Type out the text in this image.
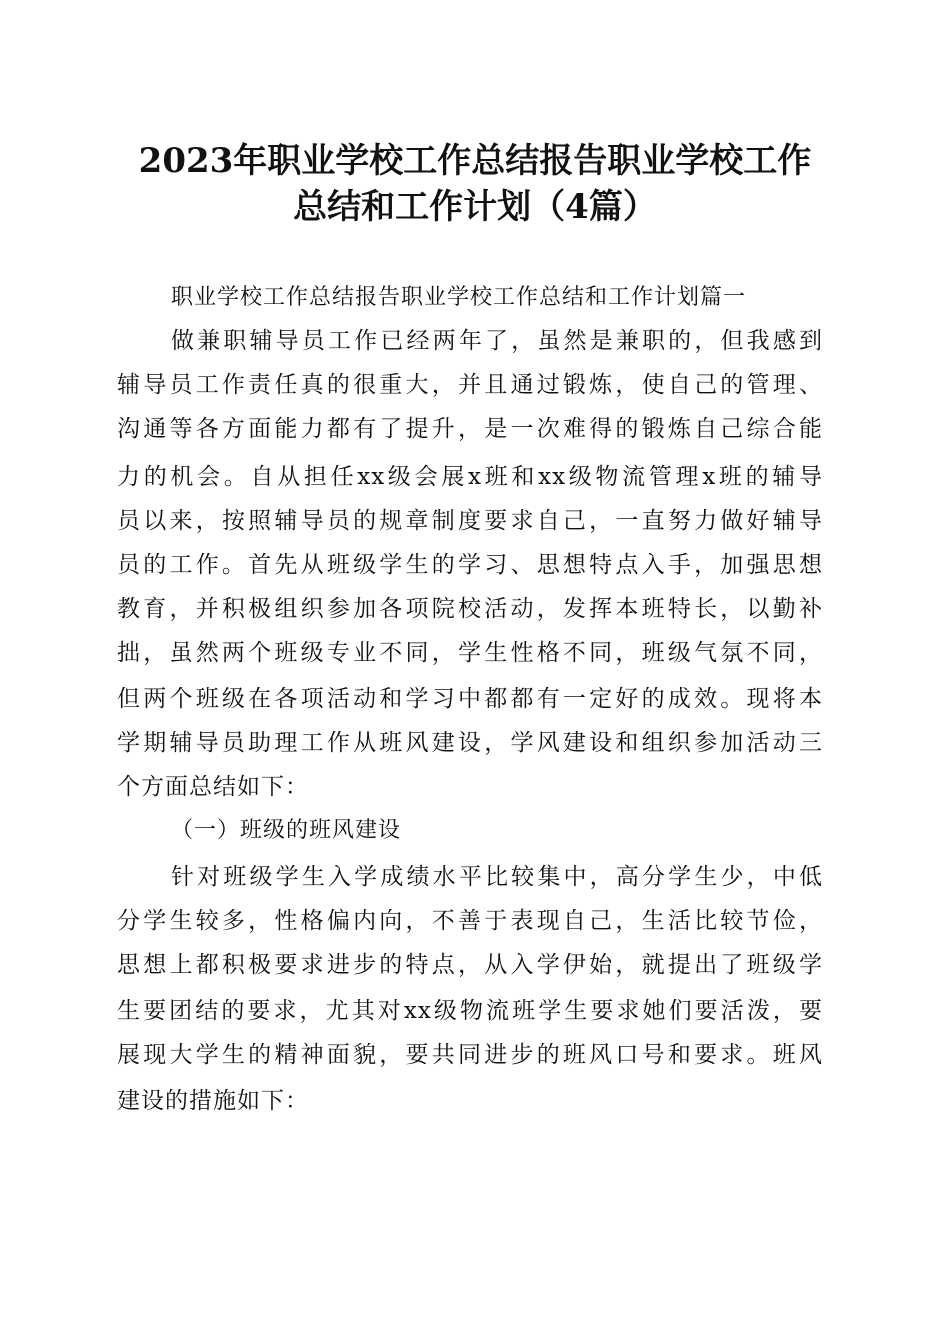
2023年职业学校工作总结报告职业学校工作
总结和工作计划（4篇）
职业学校工作总结报告职业学校工作总结和工作计划篇一
做兼职辅导员工作已经两年了，虽然是兼职的，但我感到
辅导员工作责任真的很重大，并且通过锻炼，使自己的管理、
沟通等各方面能力都有了提升，是一次难得的锻炼自己综合能
力的机会。自从担任xx级会展x班和xx级物流管理x班的辅导
员以来，按照辅导员的规章制度要求自己，一直努力做好辅导
员的工作。首先从班级学生的学习、思想特点入手，加强思想
教育，并积极组织参加各项院校活动，发挥本班特长，以勤补
拙，虽然两个班级专业不同，学生性格不同，班级气氛不同，
但两个班级在各项活动和学习中都都有一定好的成效。现将本
学期辅导员助理工作从班风建设，学风建设和组织参加活动三
个方面总结如下：
（一）班级的班风建设
针对班级学生入学成绩水平比较集中，高分学生少，中低
分学生较多，性格偏内向，不善于表现自己，生活比较节俭，
思想上都积极要求进步的特点，从入学伊始，就提出了班级学
生要团结的要求，尤其对xx级物流班学生要求她们要活泼，要
展现大学生的精神面貌，要共同进步的班风口号和要求。班风
建设的措施如下：
